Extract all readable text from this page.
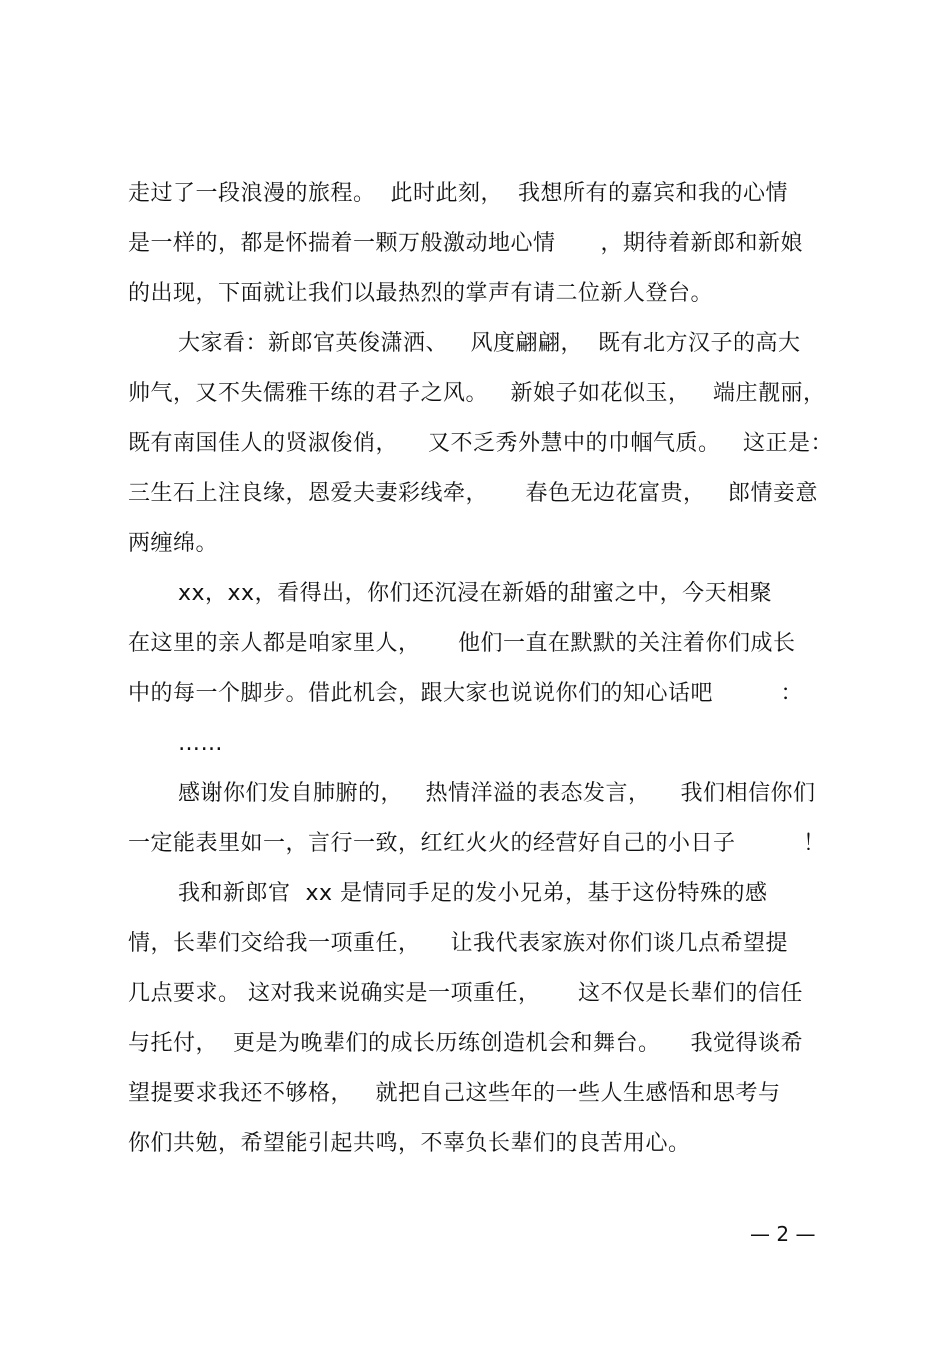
走过了一段浪漫的旅程。  此时此刻，  我想所有的嘉宾和我的心情
是一样的，都是怀揣着一颗万般激动地心情      ，期待着新郎和新娘
的出现，下面就让我们以最热烈的掌声有请二位新人登台。
大家看：新郎官英俊潇洒、   风度翩翩，  既有北方汉子的高大
帅气，又不失儒雅干练的君子之风。   新娘子如花似玉，   端庄靓丽，
既有南国佳人的贤淑俊俏，    又不乏秀外慧中的巾帼气质。   这正是：
三生石上注良缘，恩爱夫妻彩线牵，     春色无边花富贵，   郎情妾意
两缠绵。
xx，xx，看得出，你们还沉浸在新婚的甜蜜之中，今天相聚
在这里的亲人都是咱家里人，     他们一直在默默的关注着你们成长
中的每一个脚步。借此机会，跟大家也说说你们的知心话吧         ：
……
感谢你们发自肺腑的，   热情洋溢的表态发言，    我们相信你们
一定能表里如一，言行一致，红红火火的经营好自己的小日子         ！
我和新郎官  xx 是情同手足的发小兄弟，基于这份特殊的感
情，长辈们交给我一项重任，    让我代表家族对你们谈几点希望提
几点要求。 这对我来说确实是一项重任，     这不仅是长辈们的信任
与托付，  更是为晚辈们的成长历练创造机会和舞台。    我觉得谈希
望提要求我还不够格，   就把自己这些年的一些人生感悟和思考与
你们共勉，希望能引起共鸣，不辜负长辈们的良苦用心。
— 2 —
